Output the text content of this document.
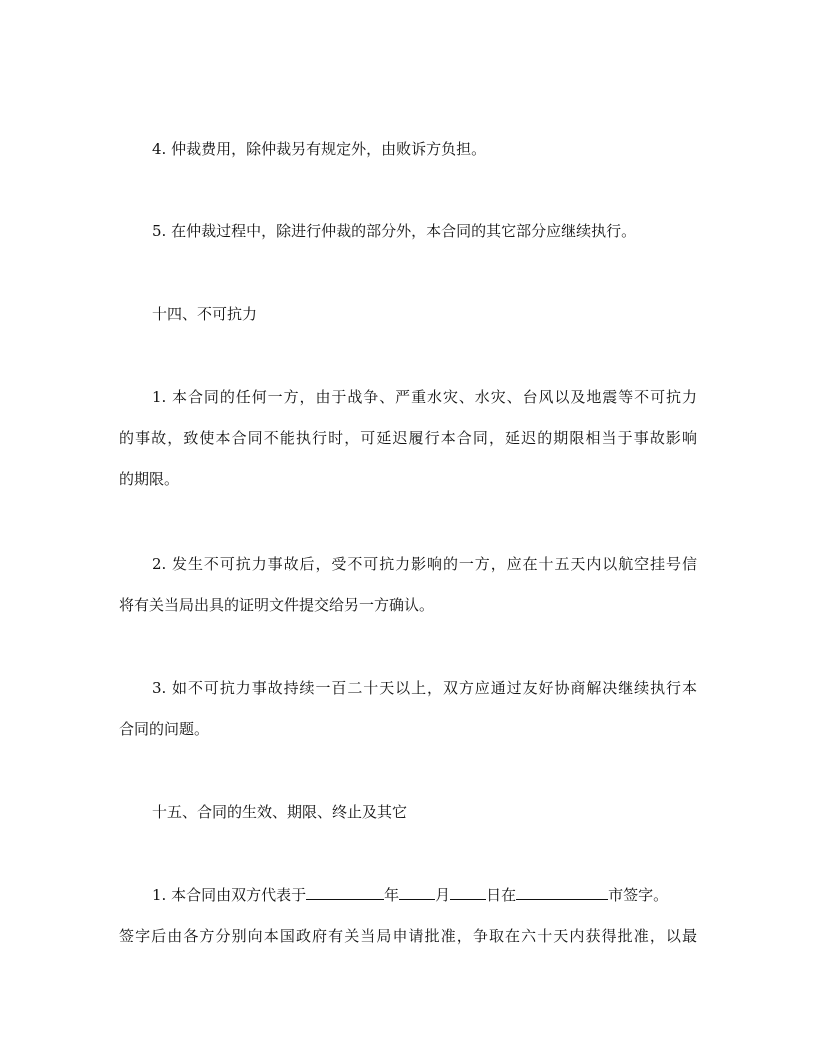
4. 仲裁费用，除仲裁另有规定外，由败诉方负担。
5. 在仲裁过程中，除进行仲裁的部分外，本合同的其它部分应继续执行。
十四、不可抗力
1. 本合同的任何一方，由于战争、严重水灾、水灾、台风以及地震等不可抗力
的事故，致使本合同不能执行时，可延迟履行本合同，延迟的期限相当于事故影响
的期限。
2. 发生不可抗力事故后，受不可抗力影响的一方，应在十五天内以航空挂号信
将有关当局出具的证明文件提交给另一方确认。
3. 如不可抗力事故持续一百二十天以上，双方应通过友好协商解决继续执行本
合同的问题。
十五、合同的生效、期限、终止及其它
1. 本合同由双方代表于	年 月 日在	市签字。
签字后由各方分别向本国政府有关当局申请批准，争取在六十天内获得批准，以最
